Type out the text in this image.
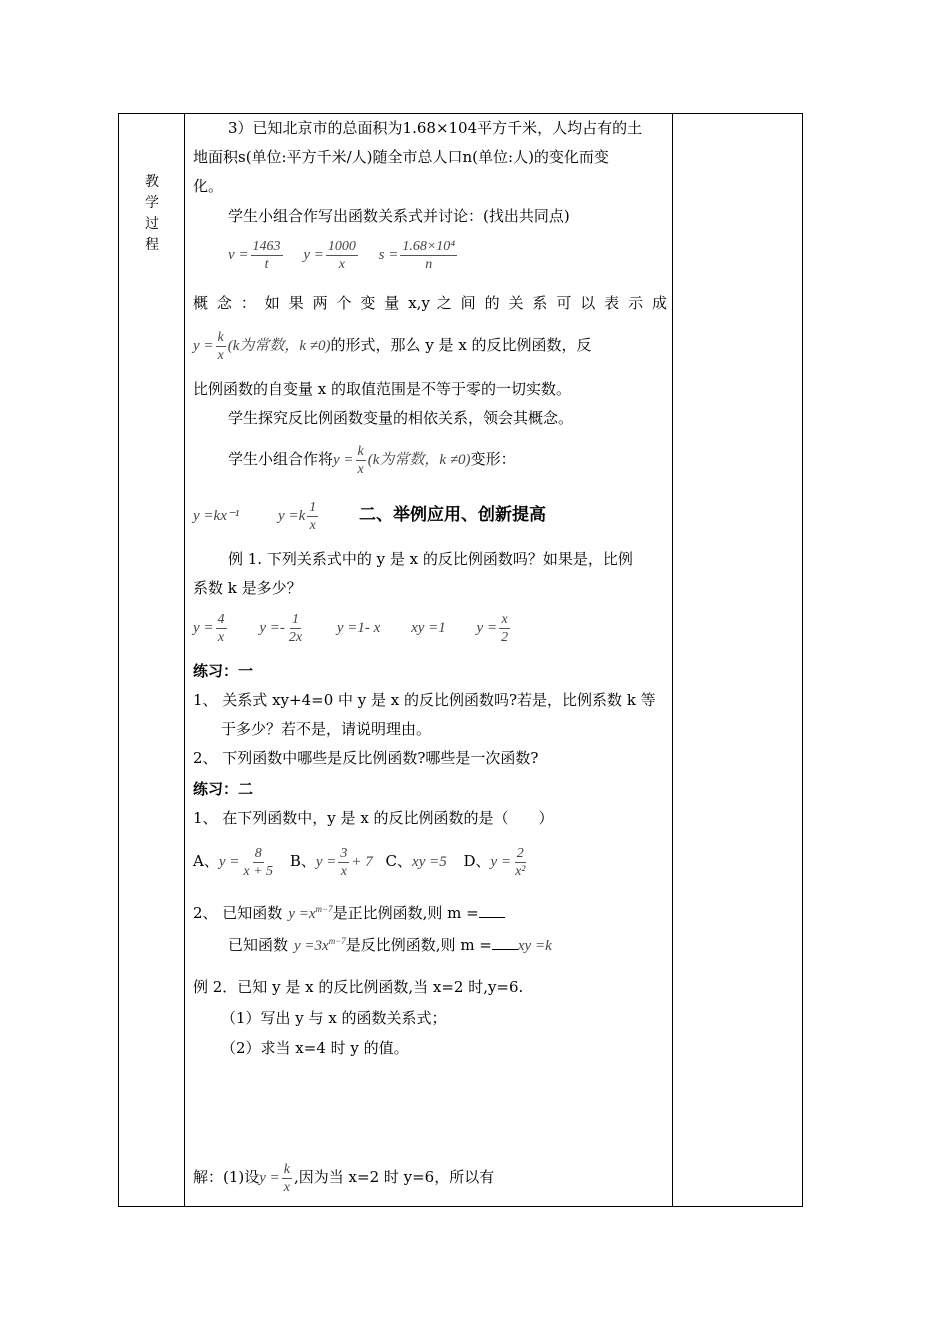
教
学
过
程
3）已知北京市的总面积为1.68×104平方千米，人均占有的土
地面积s(单位:平方千米/人)随全市总人口n(单位:人)的变化而变
化。
学生小组合作写出函数关系式并讨论：(找出共同点)
$v = \frac{1463}{t}$ $y = \frac{1000}{x}$ $s = \frac{\text{1.68×10⁴}}{n}$
概 念 ： 如 果 两 个 变 量 x,y 之 间 的 关 系 可 以 表 示 成
$y = \frac{k}{x} (k$为常数，k ≠0)的形式，那么 y 是 x 的反比例函数，反
比例函数的自变量 x 的取值范围是不等于零的一切实数。
学生探究反比例函数变量的相依关系，领会其概念。
学生小组合作将$y = \frac{k}{x} (k$为常数，k ≠0)变形：
y =kx⁻¹	$y =k \frac{1}{x}$ 二、举例应用、创新提高
例 1. 下列关系式中的 y 是 x 的反比例函数吗？如果是，比例
系数 k 是多少？
$y = \frac{4}{x}$ $y =- \frac{1}{2x}$ y =1- x xy =1 $y = \frac{x}{2}$
练习：一
1、 关系式 xy+4=0 中 y 是 x 的反比例函数吗?若是，比例系数 k 等
于多少？若不是，请说明理由。
2、 下列函数中哪些是反比例函数?哪些是一次函数?
练习：二
1、 在下列函数中，y 是 x 的反比例函数的是（　　）
A、$y = \frac{8}{x + 5}$ B、$y = \frac{3}{x} + 7$ C、xy =5 D、$y = \frac{2}{\text{x²}}$
2、 已知函数 $y =x^{m-7}$是正比例函数,则 m =
已知函数 $y =3x^{m-7}$是反比例函数,则 m = xy =k
例 2．已知 y 是 x 的反比例函数,当 x=2 时,y=6.
（1）写出 y 与 x 的函数关系式；
（2）求当 x=4 时 y 的值。
解：(1)设$y = \frac{k}{x}$ ,因为当 x=2 时 y=6，所以有
